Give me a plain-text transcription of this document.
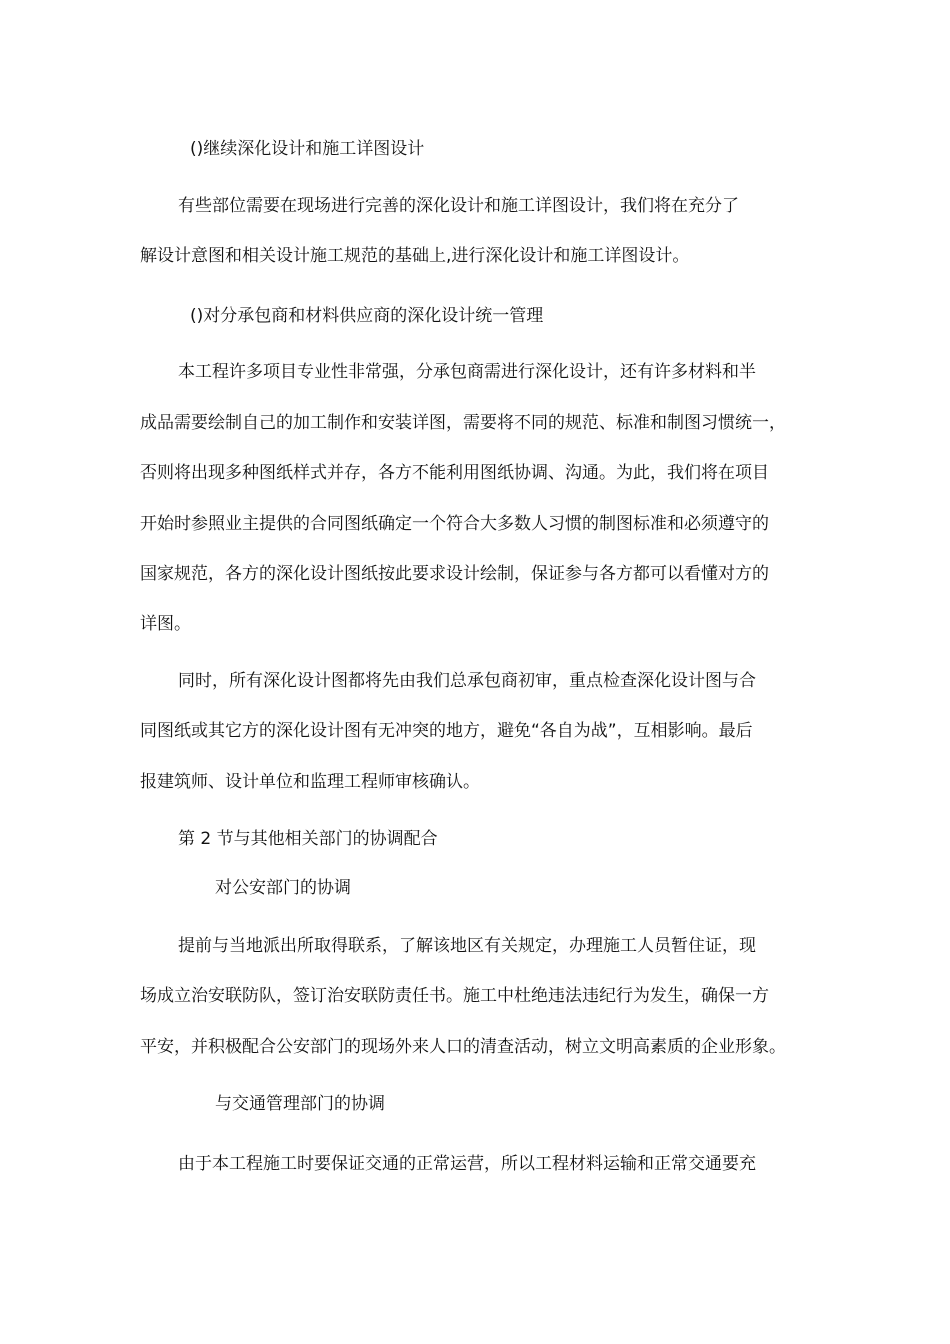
()继续深化设计和施工详图设计
有些部位需要在现场进行完善的深化设计和施工详图设计，我们将在充分了
解设计意图和相关设计施工规范的基础上,进行深化设计和施工详图设计。
()对分承包商和材料供应商的深化设计统一管理
本工程许多项目专业性非常强，分承包商需进行深化设计，还有许多材料和半
成品需要绘制自己的加工制作和安装详图，需要将不同的规范、标准和制图习惯统一，
否则将出现多种图纸样式并存，各方不能利用图纸协调、沟通。为此，我们将在项目
开始时参照业主提供的合同图纸确定一个符合大多数人习惯的制图标准和必须遵守的
国家规范，各方的深化设计图纸按此要求设计绘制，保证参与各方都可以看懂对方的
详图。
同时，所有深化设计图都将先由我们总承包商初审，重点检查深化设计图与合
同图纸或其它方的深化设计图有无冲突的地方，避免“各自为战”，互相影响。最后
报建筑师、设计单位和监理工程师审核确认。
第 2 节与其他相关部门的协调配合
对公安部门的协调
提前与当地派出所取得联系，了解该地区有关规定，办理施工人员暂住证，现
场成立治安联防队，签订治安联防责任书。施工中杜绝违法违纪行为发生，确保一方
平安，并积极配合公安部门的现场外来人口的清查活动，树立文明高素质的企业形象。
与交通管理部门的协调
由于本工程施工时要保证交通的正常运营，所以工程材料运输和正常交通要充
